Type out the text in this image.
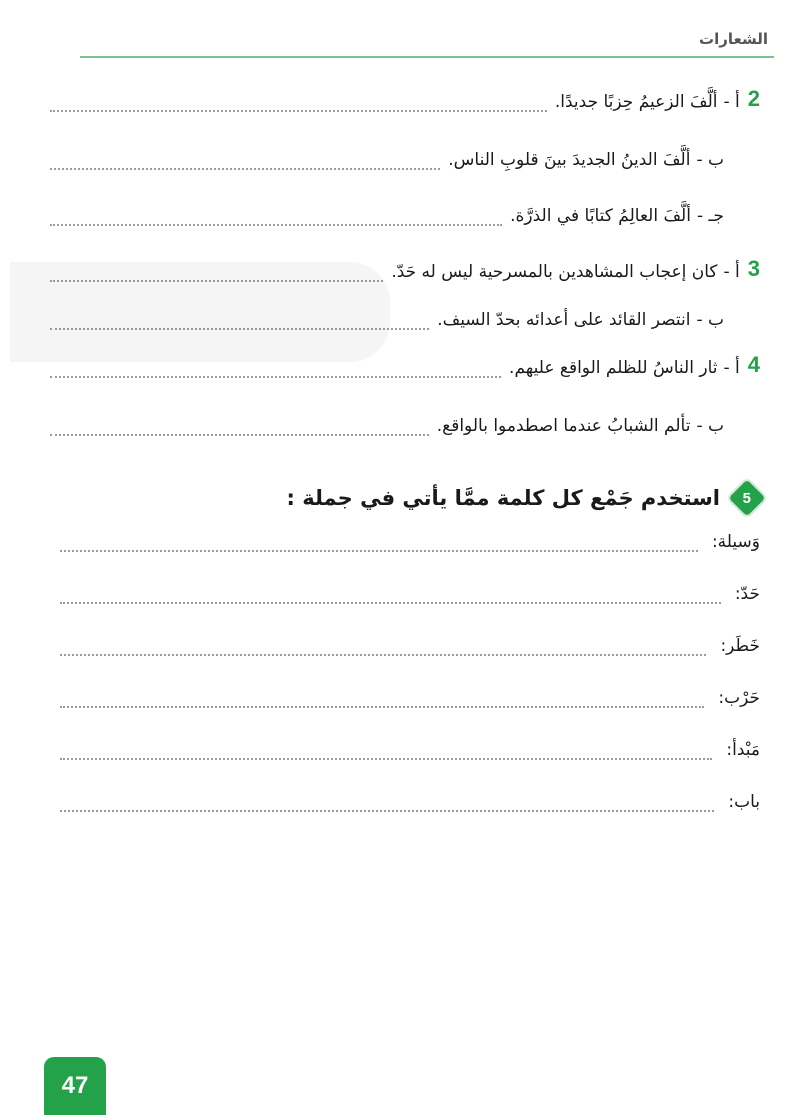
الشعارات
2
أ -
ألَّفَ الزعيمُ حِزبًا جديدًا.
ب -
ألَّفَ الدينُ الجديدَ بينَ قلوبِ الناس.
جـ -
ألَّفَ العالِمُ كتابًا في الذرَّة.
3
أ -
كان إعجاب المشاهدين بالمسرحية ليس له حَدّ.
ب -
انتصر القائد على أعدائه بحدّ السيف.
4
أ -
ثار الناسُ للظلم الواقع عليهم.
ب -
تألم الشبابُ عندما اصطدموا بالواقع.
5
استخدم جَمْع كل كلمة ممَّا يأتي في جملة :
وَسيلة:
حَدّ:
خَطَر:
حَرْب:
مَبْدأ:
باب:
47
